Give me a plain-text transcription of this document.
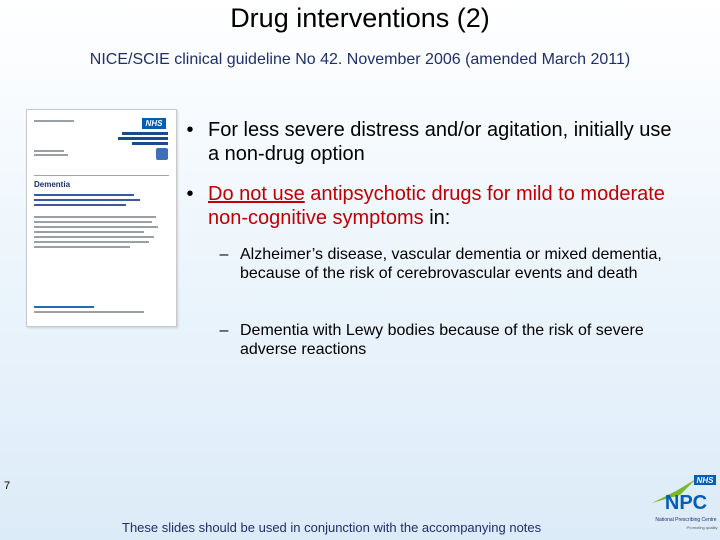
Drug interventions (2)
NICE/SCIE clinical guideline No 42. November 2006 (amended March 2011)
NHS
Dementia
• For less severe distress and/or agitation, initially use a non-drug option
• Do not use antipsychotic drugs for mild to moderate non-cognitive symptoms in:
– Alzheimer’s disease, vascular dementia or mixed dementia, because of the risk of cerebrovascular events and death
– Dementia with Lewy bodies because of the risk of severe adverse reactions
7
These slides should be used in conjunction with the accompanying notes
NHS
NPC
National Prescribing Centre
Promoting quality
